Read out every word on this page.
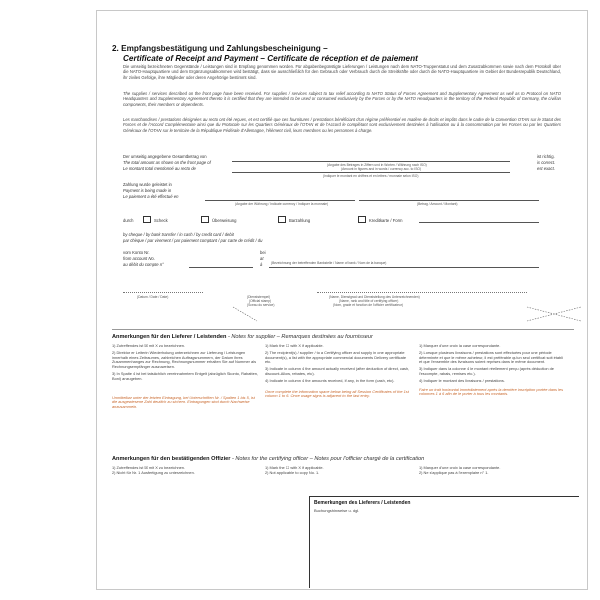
2. Empfangsbestätigung und Zahlungsbescheinigung –
Certificate of Receipt and Payment – Certificate de réception et de paiement

Die umseitig bezeichneten Gegenstände / Leistungen sind in Empfang genommen worden. Für abgabenbegünstigte Lieferungen / Leistungen nach dem NATO-Truppenstatut und dem Zusatzabkommen sowie nach dem Protokoll über die NATO-Hauptquartiere und dem Ergänzungsabkommen wird bestätigt, dass sie ausschließlich für den Gebrauch oder Verbrauch durch die Streitkräfte oder durch die NATO-Hauptquartiere im Gebiet der Bundesrepublik Deutschland, ihr ziviles Gefolge, ihre Mitglieder oder deren Angehörige bestimmt sind.

The supplies / services described on the front page have been received. For supplies / services subject to tax relief according to NATO Status of Forces Agreement and Supplementary Agreement as well as to Protocol on NATO Headquarters and Supplementary Agreement thereto it is certified that they are intended to be used or consumed exclusively by the Forces or by the NATO Headquarters in the territory of the Federal Republic of Germany, the civilian components, their members or dependents.

Les marchandises / prestations désignées au recto ont été reçues, et est certifié que ces fournitures / prestations bénéficiant d'un régime préférentiel en matière de droits et impôts dans le cadre de la Convention OTAN sur le Statut des Forces et de l'Accord Complémentaire ainsi que du Protocole sur les Quartiers Généraux de l'OTAN et de l'Accord le complétant sont exclusivement destinées à l'utilisation ou à la consommation par les Forces ou par les Quartiers Généraux de l'OTAN sur le territoire de la République Fédérale d'Allemagne, l'élément civil, leurs membres ou les personnes à charge.

Der umseitig angegebene Gesamtbetrag von
The total amount as shown on the front page of
Le montant total mentionné au recto de
(Angabe des Betrages in Ziffern und in Worten / Währung nach ISO)
(Amount in figures and in words / currency acc. to ISO)
(Indiquer le montant en chiffres et en lettres / monnaie selon ISO)
ist richtig.
is correct.
est exact.
Zahlung wurde geleistet in
Payment is being made in
Le paiement a été effectué en
(Angabe der Währung / Indicate currency / Indiquer la monnaie)	(Betrag / Amount / Montant)
durch	Scheck	Überweisung	Barzahlung	Kreditkarte / Form
by cheque / by bank transfer / in cash / by credit card / debit
par chèque / par virement / par paiement comptant / par carte de crédit / du
vom Konto Nr.
from account No.
au débit du compte n°
bei
at
à	(Bezeichnung der betreffenden Bankstelle / Name of bank / Nom de la banque)
(Datum / Date / Date)	(Dienststempel)
(Official stamp)
(Sceau du service)
(Name, Dienstgrad und Dienststellung des Unterzeichnenden)
(Name, rank and title of certifying officer)
(Nom, grade et fonction de l'officier certificateur)
Anmerkungen für den Lieferer / Leistenden - Notes for supplier – Remarques destinées au fournisseur

1) Zutreffendes ist ☒ mit X zu bezeichnen.

2) Direktor er Leiterin Wiederholung unterzeichnen zur Lieferung / Leistungen innerhalb eines Zeitraumes, zahlreichen Auftragsnummern, der Datum ihres Zusammenhanges zur Rechnung, Rechnungsnummer erhalten Sie auf Nummer als Rechnungsempfänger auszuweisen.

3) In Spalte 4 ist bei tatsächlich vereinnahmtem Entgelt (abzüglich Skonto, Rabatten, Boni) anzugeben.

Unmittelbar unter der letzten Eintragung, bei Unterschriften Nr. / Spalten 1 bis 5, ist die ausgewiesene Zahl deutlich zu sichern. Eintragungen sind durch Nachweise anzusammeln.

1) Mark the ☐ with X if applicable.

2) The recipient(s) / supplier / to a Certifying officer and supply in one appropriate document(s), a list with the appropriate commercial documents Delivery certificate etc.

3) Indicate in column 4 the amount actually received (after deduction of direct, cash, discount-Allow, rebates, etc).

4) Indicate in column 4 the amounts received, if any, in the form (cash, etc).

Once complete the information space below being all Session Certificates of the 1st column 1 to 6. Once usage signs is adjacent to the last entry.

1) Marquer d'une croix la case correspondante.

2) Lorsque plusieurs livraisons / prestations sont effectuées pour une période déterminée et que le même acheteur, il est préférable qu'un seul certificat soit établi et que l'ensemble des livraisons soient reprises dans le même document.

3) Indiquer dans la colonne 4 le montant réellement perçu (après déduction de l'escompte, rabais, remises etc.).

4) Indiquer le montant des livraisons / prestations.

Faire un trait horizontal immédiatement après la dernière inscription portée dans les colonnes 1 à 6 afin de le porter à tous les montants.

Anmerkungen für den bestätigenden Offizier - Notes for the certifying officer – Notes pour l'officier chargé de la certification

1) Zutreffendes ist ☒ mit X zu bezeichnen.

2) Nicht für Nr. 1 Ausfertigung zu unterzeichnen.

1) Mark the ☐ with X if applicable.

2) Not applicable to copy No. 1.

1) Marquer d'une croix la case correspondante.

2) Ne s'applique pas à l'exemplaire n° 1.

Bemerkungen des Lieferers / Leistenden
Buchungshinweise u. dgl.
